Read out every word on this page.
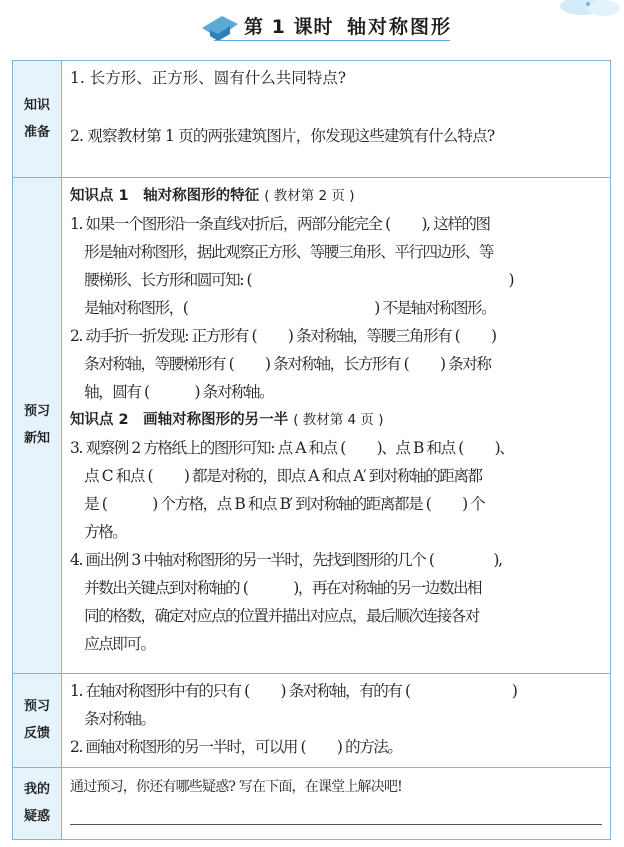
第 1 课时 轴对称图形
知识
准备
预习
新知
预习
反馈
我的
疑惑
1. 长方形、正方形、圆有什么共同特点?
2. 观察教材第 1 页的两张建筑图片，你发现这些建筑有什么特点?
知识点 1　轴对称图形的特征 ( 教材第 2 页 )
1. 如果一个图形沿一条直线对折后，两部分能完全 (　　 ), 这样的图
　形是轴对称图形，据此观察正方形、等腰三角形、平行四边形、等
　腰梯形、长方形和圆可知: (　　　　　　　　　　　　　　　　　　 )
　是轴对称图形，(　　　　　　　　　　　　　 ) 不是轴对称图形。
2. 动手折一折发现: 正方形有 (　　 ) 条对称轴，等腰三角形有 (　　 )
　条对称轴，等腰梯形有 (　　 ) 条对称轴，长方形有 (　　 ) 条对称
　轴，圆有 (　　　 ) 条对称轴。
知识点 2　画轴对称图形的另一半 ( 教材第 4 页 )
3. 观察例 2 方格纸上的图形可知: 点 A 和点 (　　 )、点 B 和点 (　　 )、
　点 C 和点 (　　 ) 都是对称的，即点 A 和点 A′ 到对称轴的距离都
　是 (　　　 ) 个方格，点 B 和点 B′ 到对称轴的距离都是 (　　 ) 个
　方格。
4. 画出例 3 中轴对称图形的另一半时，先找到图形的几个 (　　　　 ),
　并数出关键点到对称轴的 (　　　 )，再在对称轴的另一边数出相
　同的格数，确定对应点的位置并描出对应点，最后顺次连接各对
　应点即可。
1. 在轴对称图形中有的只有 (　　 ) 条对称轴，有的有 (　　　　　　　 )
　条对称轴。
2. 画轴对称图形的另一半时，可以用 (　　 ) 的方法。
通过预习，你还有哪些疑惑? 写在下面，在课堂上解决吧!
